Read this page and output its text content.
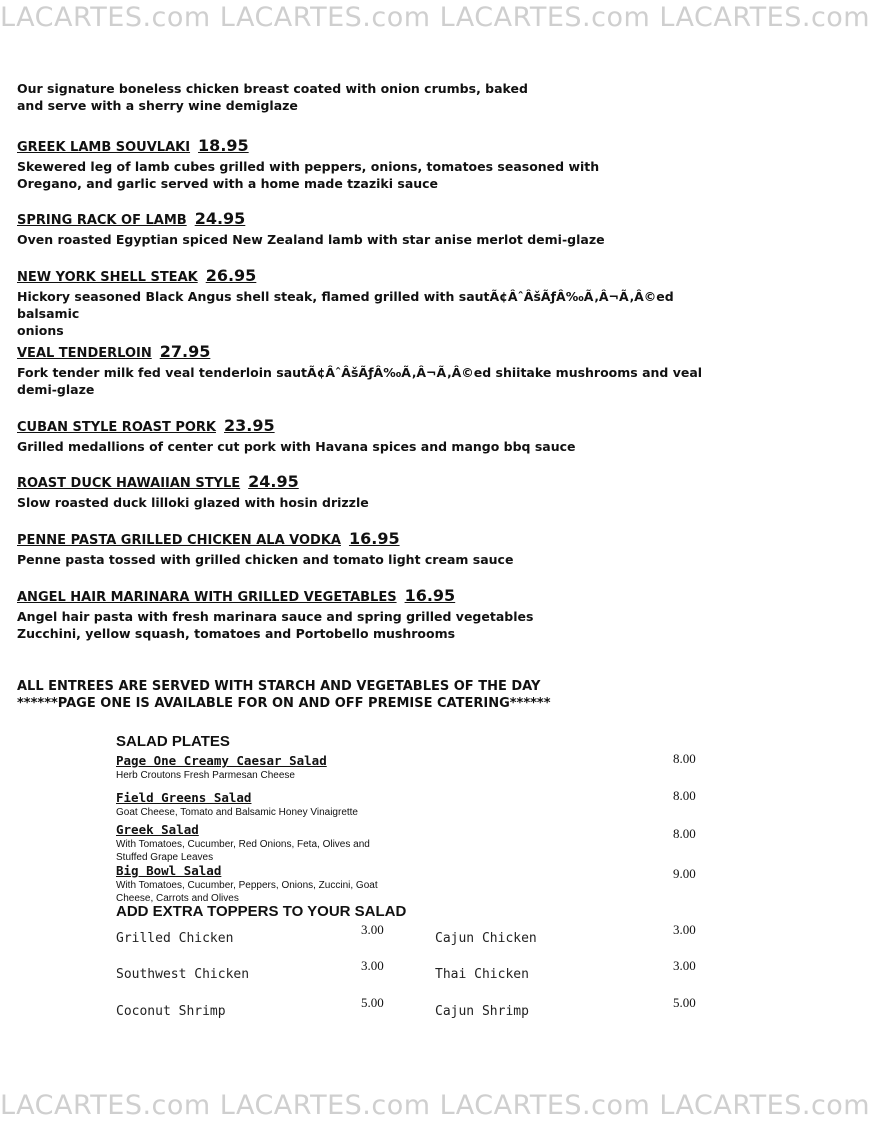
LACARTES.com LACARTES.com LACARTES.com LACARTES.com

Our signature boneless chicken breast coated with onion crumbs, baked

and serve with a sherry wine demiglaze

GREEK LAMB SOUVLAKI 18.95

Skewered leg of lamb cubes grilled with peppers, onions, tomatoes seasoned with

Oregano, and garlic served with a home made tzaziki sauce

SPRING RACK OF LAMB 24.95

Oven roasted Egyptian spiced New Zealand lamb with star anise merlot demi-glaze

NEW YORK SHELL STEAK 26.95

Hickory seasoned Black Angus shell steak, flamed grilled with sautÃ¢ÂˆÂšÃƒÂ‰Ã‚Â¬Ã‚Â©ed balsamic

onions

VEAL TENDERLOIN 27.95

Fork tender milk fed veal tenderloin sautÃ¢ÂˆÂšÃƒÂ‰Ã‚Â¬Ã‚Â©ed shiitake mushrooms and veal

demi-glaze

CUBAN STYLE ROAST PORK 23.95

Grilled medallions of center cut pork with Havana spices and mango bbq sauce

ROAST DUCK HAWAIIAN STYLE 24.95

Slow roasted duck lilloki glazed with hosin drizzle

PENNE PASTA GRILLED CHICKEN ALA VODKA 16.95

Penne pasta tossed with grilled chicken and tomato light cream sauce

ANGEL HAIR MARINARA WITH GRILLED VEGETABLES 16.95

Angel hair pasta with fresh marinara sauce and spring grilled vegetables

Zucchini, yellow squash, tomatoes and Portobello mushrooms

ALL ENTREES ARE SERVED WITH STARCH AND VEGETABLES OF THE DAY

******PAGE ONE IS AVAILABLE FOR ON AND OFF PREMISE CATERING******

SALAD PLATES
Page One Creamy Caesar Salad
Herb Croutons Fresh Parmesan Cheese
8.00
Field Greens Salad
Goat Cheese, Tomato and Balsamic Honey Vinaigrette
8.00
Greek Salad
With Tomatoes, Cucumber, Red Onions, Feta, Olives and
Stuffed Grape Leaves
8.00
Big Bowl Salad
With Tomatoes, Cucumber, Peppers, Onions, Zuccini, Goat
Cheese, Carrots and Olives
9.00
ADD EXTRA TOPPERS TO YOUR SALAD
Grilled Chicken
3.00
Cajun Chicken
3.00
Southwest Chicken
3.00
Thai Chicken
3.00
Coconut Shrimp
5.00
Cajun Shrimp
5.00
LACARTES.com LACARTES.com LACARTES.com LACARTES.com
